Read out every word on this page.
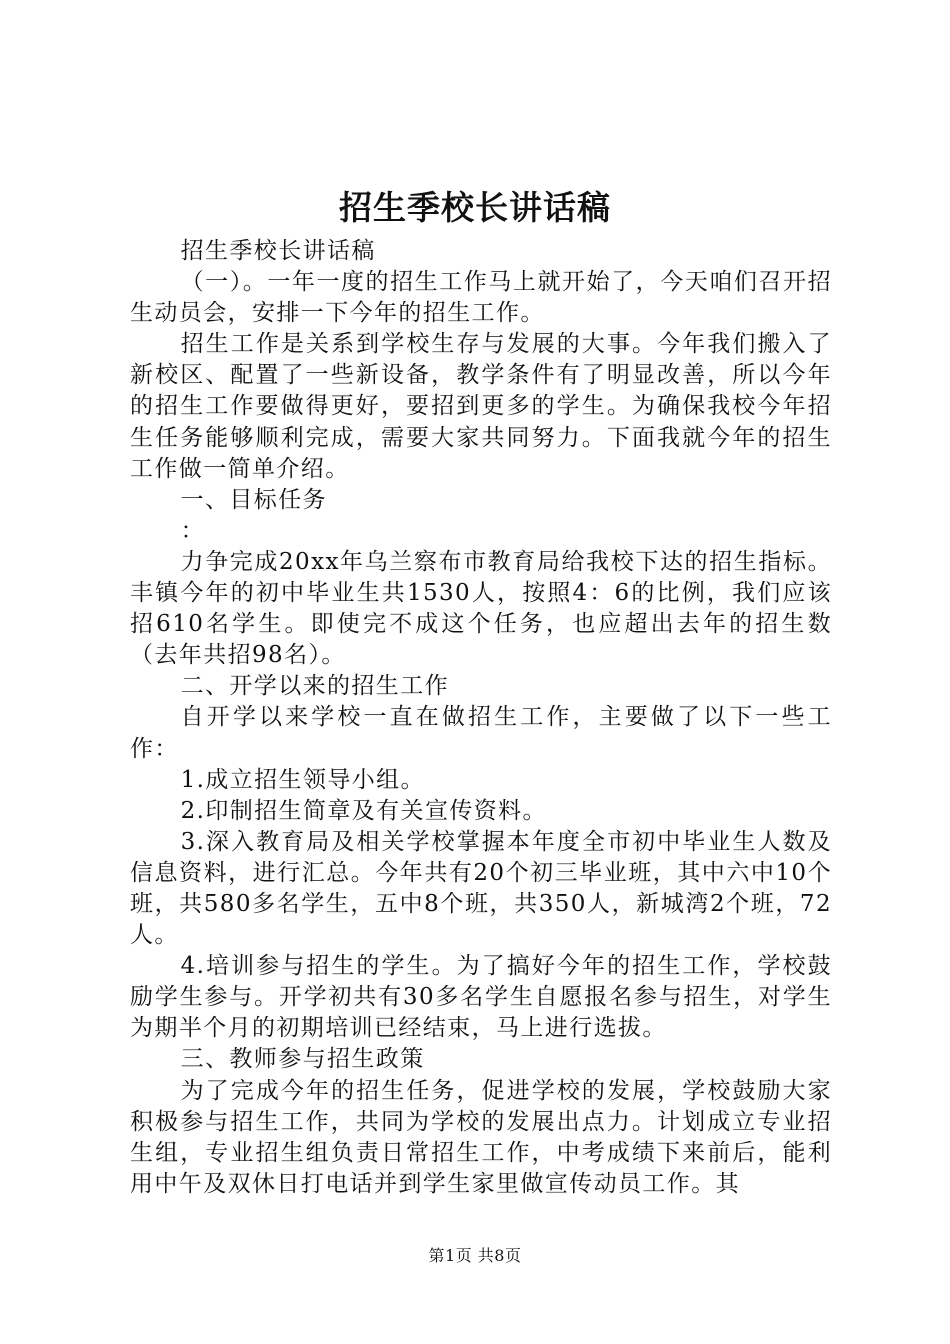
招生季校长讲话稿

招生季校长讲话稿

（一）。一年一度的招生工作马上就开始了，今天咱们召开招生动员会，安排一下今年的招生工作。

招生工作是关系到学校生存与发展的大事。今年我们搬入了新校区、配置了一些新设备，教学条件有了明显改善，所以今年的招生工作要做得更好，要招到更多的学生。为确保我校今年招生任务能够顺利完成，需要大家共同努力。下面我就今年的招生工作做一简单介绍。

一、目标任务

：

力争完成20xx年乌兰察布市教育局给我校下达的招生指标。丰镇今年的初中毕业生共1530人，按照4：6的比例，我们应该招610名学生。即使完不成这个任务，也应超出去年的招生数（去年共招98名）。

二、开学以来的招生工作

自开学以来学校一直在做招生工作，主要做了以下一些工作：

1.成立招生领导小组。

2.印制招生简章及有关宣传资料。

3.深入教育局及相关学校掌握本年度全市初中毕业生人数及信息资料，进行汇总。今年共有20个初三毕业班，其中六中10个班，共580多名学生，五中8个班，共350人，新城湾2个班，72人。

4.培训参与招生的学生。为了搞好今年的招生工作，学校鼓励学生参与。开学初共有30多名学生自愿报名参与招生，对学生为期半个月的初期培训已经结束，马上进行选拔。

三、教师参与招生政策

为了完成今年的招生任务，促进学校的发展，学校鼓励大家积极参与招生工作，共同为学校的发展出点力。计划成立专业招生组，专业招生组负责日常招生工作，中考成绩下来前后，能利用中午及双休日打电话并到学生家里做宣传动员工作。其

第1页 共8页
